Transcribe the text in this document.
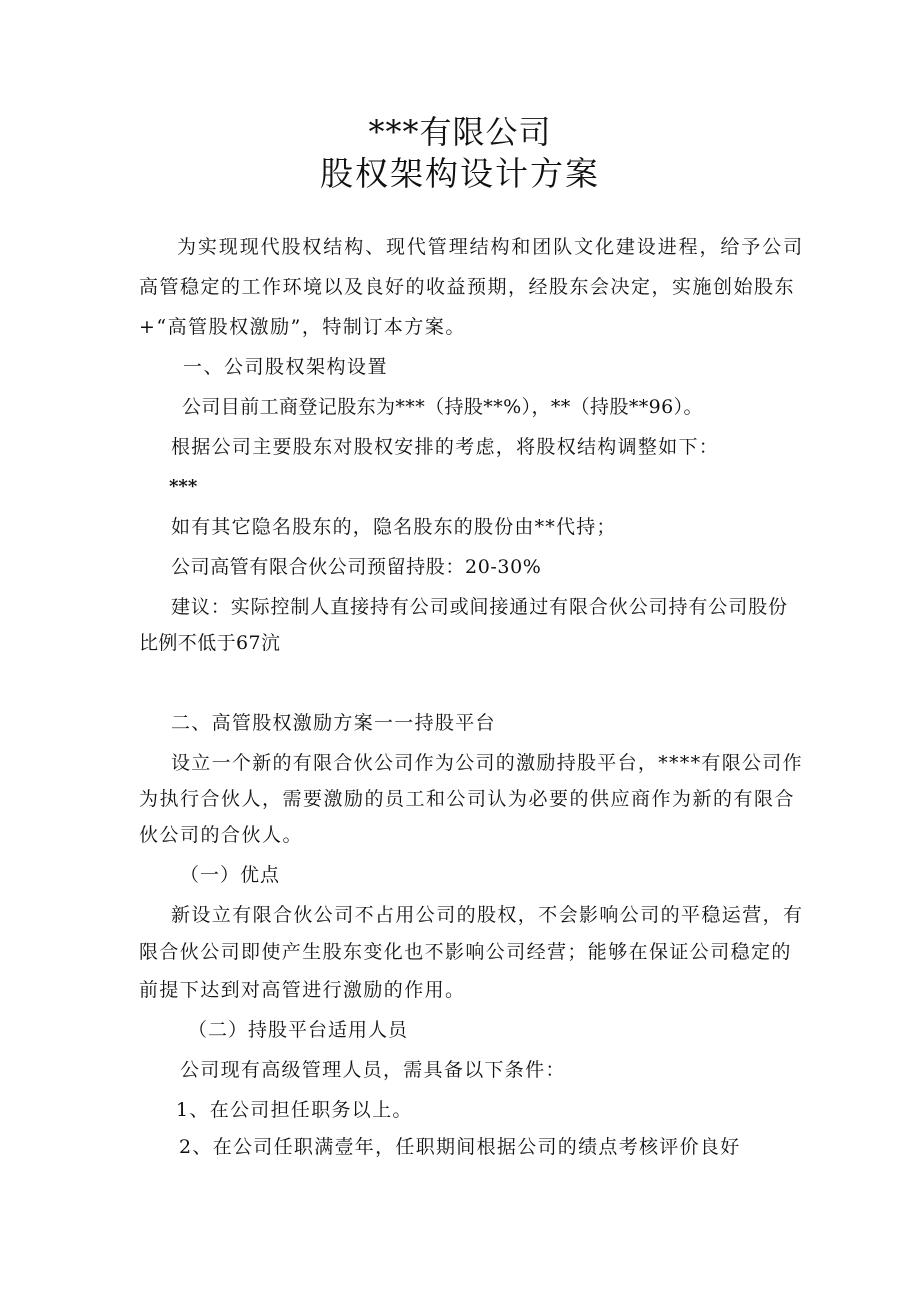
***有限公司
股权架构设计方案
为实现现代股权结构、现代管理结构和团队文化建设进程，给予公司
高管稳定的工作环境以及良好的收益预期，经股东会决定，实施创始股东
+“高管股权激励”，特制订本方案。
一、公司股权架构设置
公司目前工商登记股东为***（持股**%），**（持股**96）。
根据公司主要股东对股权安排的考虑，将股权结构调整如下：
***
如有其它隐名股东的，隐名股东的股份由**代持；
公司高管有限合伙公司预留持股：20-30%
建议：实际控制人直接持有公司或间接通过有限合伙公司持有公司股份
比例不低于67沆
二、高管股权激励方案一一持股平台
设立一个新的有限合伙公司作为公司的激励持股平台，****有限公司作
为执行合伙人，需要激励的员工和公司认为必要的供应商作为新的有限合
伙公司的合伙人。
（一）优点
新设立有限合伙公司不占用公司的股权，不会影响公司的平稳运营，有
限合伙公司即使产生股东变化也不影响公司经营；能够在保证公司稳定的
前提下达到对高管进行激励的作用。
（二）持股平台适用人员
公司现有高级管理人员，需具备以下条件：
1、在公司担任职务以上。
2、在公司任职满壹年，任职期间根据公司的绩点考核评价良好
